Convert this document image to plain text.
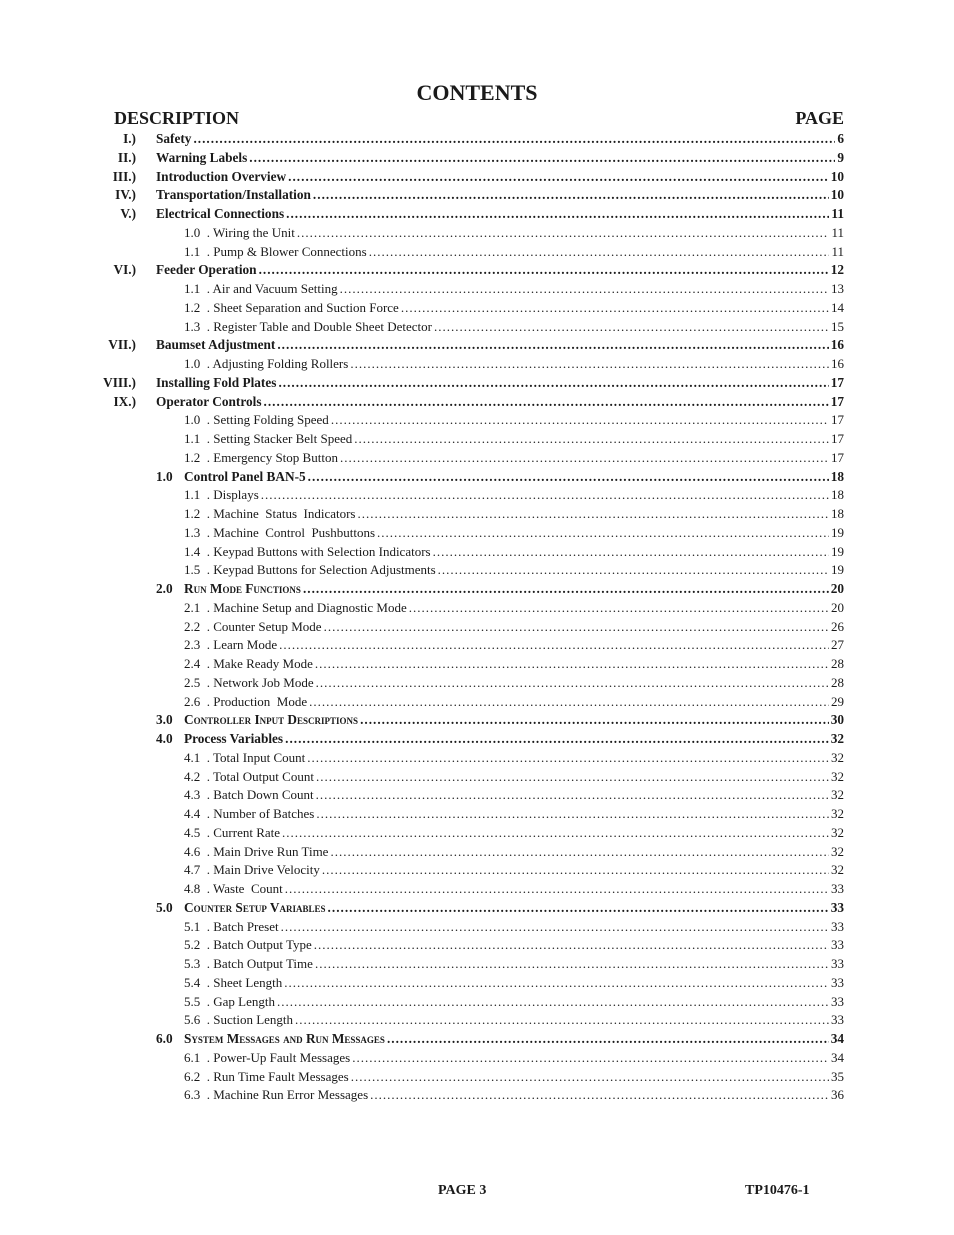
CONTENTS
DESCRIPTION	PAGE
I.) Safety .....	6
II.) Warning Labels .....	9
III.) Introduction Overview .....	10
IV.) Transportation/Installation .....	10
V.) Electrical Connections .....	11
1.0  . Wiring the Unit .....	11
1.1  . Pump & Blower Connections .....	11
VI.) Feeder Operation .....	12
1.1  . Air and Vacuum Setting .....	13
1.2  . Sheet Separation and Suction Force .....	14
1.3  . Register Table and Double Sheet Detector .....	15
VII.) Baumset Adjustment .....	16
1.0  . Adjusting Folding Rollers .....	16
VIII.) Installing Fold Plates .....	17
IX.) Operator Controls .....	17
1.0  . Setting Folding Speed .....	17
1.1  . Setting Stacker Belt Speed .....	17
1.2  . Emergency Stop Button .....	17
1.0 Control Panel BAN-5 .....	18
1.1  . Displays .....	18
1.2  . Machine  Status  Indicators .....	18
1.3  . Machine  Control  Pushbuttons .....	19
1.4  . Keypad Buttons with Selection Indicators .....	19
1.5  . Keypad Buttons for Selection Adjustments .....	19
2.0 Run Mode Functions .....	20
2.1  . Machine Setup and Diagnostic Mode .....	20
2.2  . Counter Setup Mode .....	26
2.3  . Learn Mode .....	27
2.4  . Make Ready Mode .....	28
2.5  . Network Job Mode .....	28
2.6  . Production  Mode .....	29
3.0 Controller Input Descriptions .....	30
4.0 Process Variables .....	32
4.1  . Total Input Count .....	32
4.2  . Total Output Count .....	32
4.3  . Batch Down Count .....	32
4.4  . Number of Batches .....	32
4.5  . Current Rate .....	32
4.6  . Main Drive Run Time .....	32
4.7  . Main Drive Velocity .....	32
4.8  . Waste  Count .....	33
5.0 Counter Setup Variables .....	33
5.1  . Batch Preset .....	33
5.2  . Batch Output Type .....	33
5.3  . Batch Output Time .....	33
5.4  . Sheet Length .....	33
5.5  . Gap Length .....	33
5.6  . Suction Length .....	33
6.0 System Messages and Run Messages .....	34
6.1  . Power-Up Fault Messages .....	34
6.2  . Run Time Fault Messages .....	35
6.3  . Machine Run Error Messages .....	36
PAGE 3	TP10476-1
